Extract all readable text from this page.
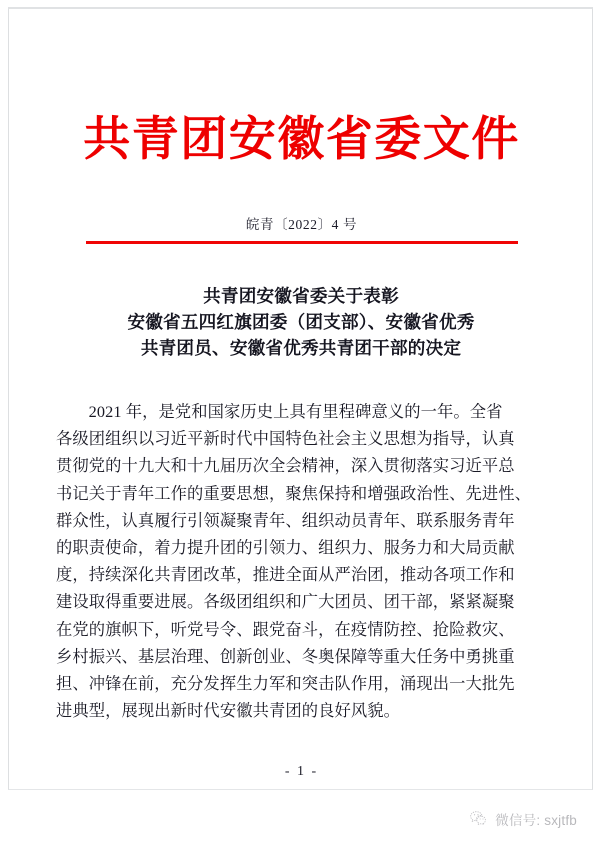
共青团安徽省委文件
皖青〔2022〕4 号
共青团安徽省委关于表彰
安徽省五四红旗团委（团支部）、安徽省优秀
共青团员、安徽省优秀共青团干部的决定

2021 年，是党和国家历史上具有里程碑意义的一年。全省
各级团组织以习近平新时代中国特色社会主义思想为指导，认真
贯彻党的十九大和十九届历次全会精神，深入贯彻落实习近平总
书记关于青年工作的重要思想，聚焦保持和增强政治性、先进性、
群众性，认真履行引领凝聚青年、组织动员青年、联系服务青年
的职责使命，着力提升团的引领力、组织力、服务力和大局贡献
度，持续深化共青团改革，推进全面从严治团，推动各项工作和
建设取得重要进展。各级团组织和广大团员、团干部，紧紧凝聚
在党的旗帜下，听党号令、跟党奋斗，在疫情防控、抢险救灾、
乡村振兴、基层治理、创新创业、冬奥保障等重大任务中勇挑重
担、冲锋在前，充分发挥生力军和突击队作用，涌现出一大批先
进典型，展现出新时代安徽共青团的良好风貌。

- 1 -
微信号: sxjtfb
